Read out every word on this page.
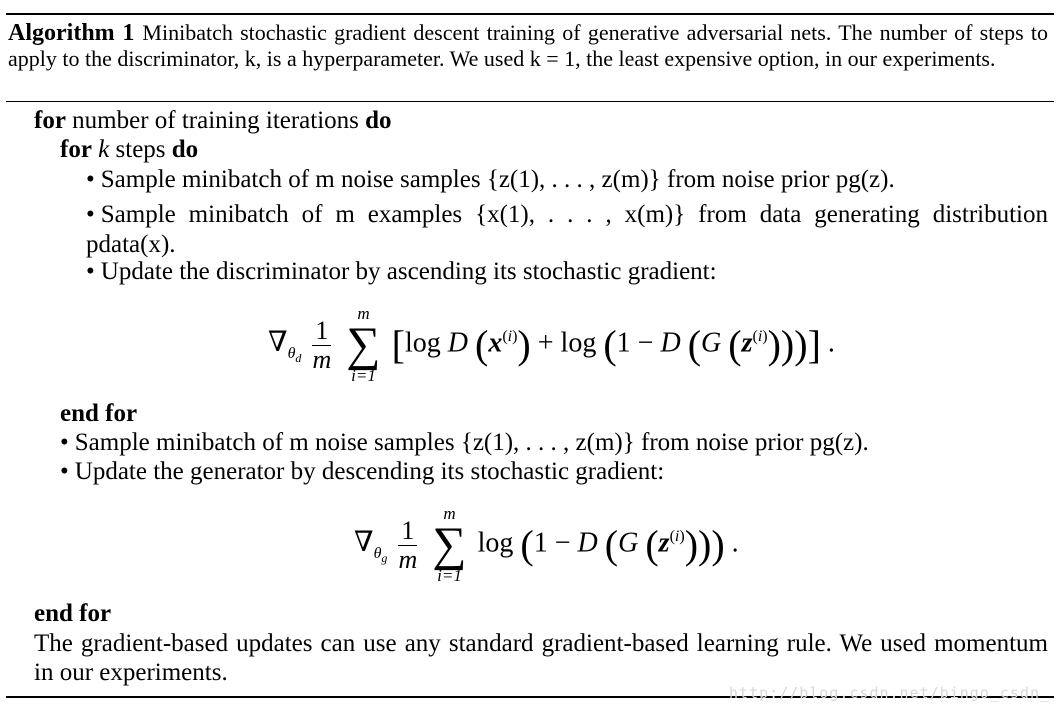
Algorithm 1 Minibatch stochastic gradient descent training of generative adversarial nets. The number of steps to apply to the discriminator, k, is a hyperparameter. We used k = 1, the least expensive option, in our experiments.
for number of training iterations do
for k steps do
• Sample minibatch of m noise samples {z(1), . . . , z(m)} from noise prior pg(z).
• Sample minibatch of m examples {x(1), . . . , x(m)} from data generating distribution pdata(x).
• Update the discriminator by ascending its stochastic gradient:
$\nabla_{\theta_d} \frac{1}{m}$

m
∑
i=1
[log D $(x^{(i)}) + \log (1 - D$ (G $(z^{(i)})$))] .
end for
• Sample minibatch of m noise samples {z(1), . . . , z(m)} from noise prior pg(z).
• Update the generator by descending its stochastic gradient:
$\nabla_{\theta_g} \frac{1}{m}$

m
∑
i=1
log (1 − D (G $(z^{(i)})$)) .
end for
The gradient-based updates can use any standard gradient-based learning rule. We used momentum in our experiments.
http://blog.csdn.net/bingo_csdn_
